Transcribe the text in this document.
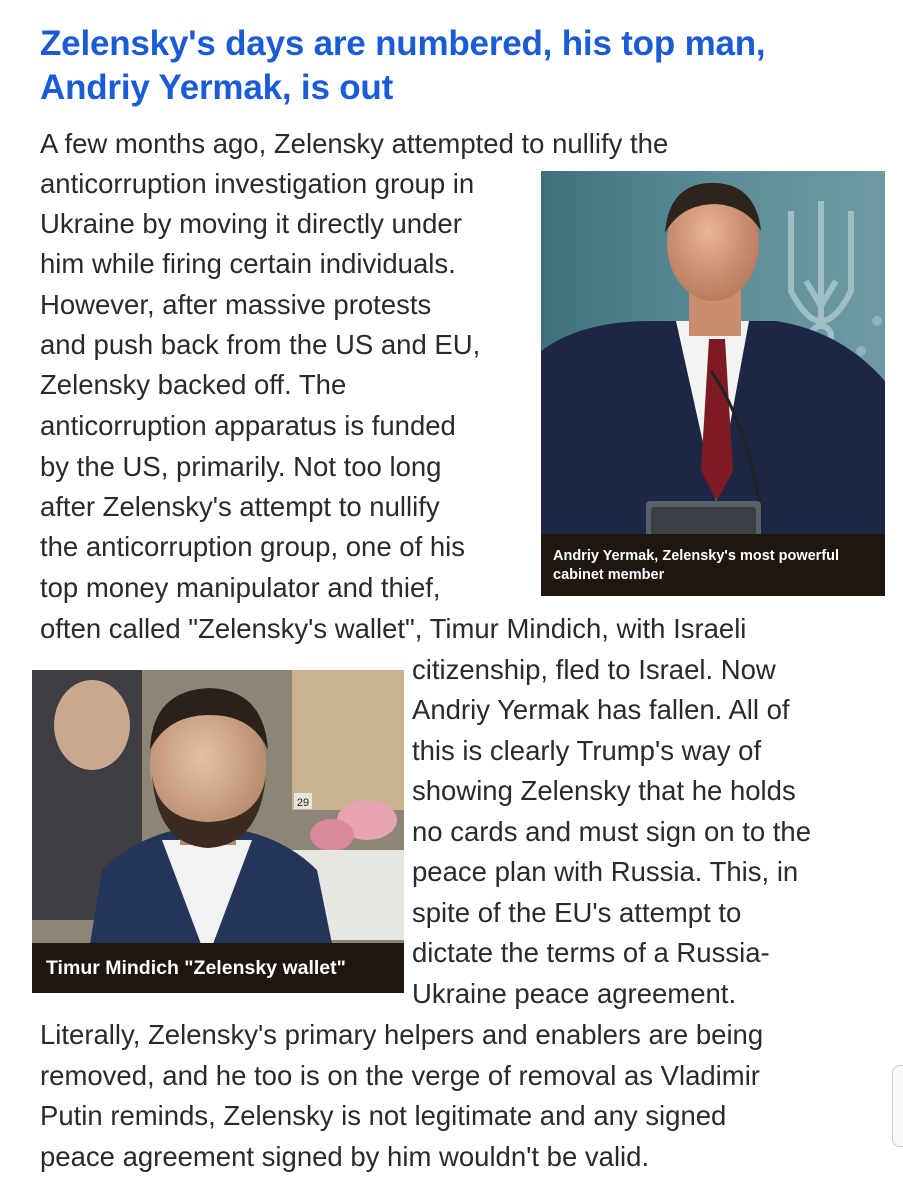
Zelensky's days are numbered, his top man, Andriy Yermak, is out

A few months ago, Zelensky attempted to nullify the

anticorruption investigation group in

Ukraine by moving it directly under

him while firing certain individuals.

However, after massive protests

and push back from the US and EU,

Zelensky backed off. The

anticorruption apparatus is funded

by the US, primarily. Not too long

after Zelensky's attempt to nullify

the anticorruption group, one of his

top money manipulator and thief,

often called "Zelensky's wallet", Timur Mindich, with Israeli

citizenship, fled to Israel. Now

Andriy Yermak has fallen. All of

this is clearly Trump's way of

showing Zelensky that he holds

no cards and must sign on to the

peace plan with Russia. This, in

spite of the EU's attempt to

dictate the terms of a Russia-

Ukraine peace agreement.

Literally, Zelensky's primary helpers and enablers are being

removed, and he too is on the verge of removal as Vladimir

Putin reminds, Zelensky is not legitimate and any signed

peace agreement signed by him wouldn't be valid.

Andriy Yermak, Zelensky's most powerful cabinet member
29
Timur Mindich "Zelensky wallet"
